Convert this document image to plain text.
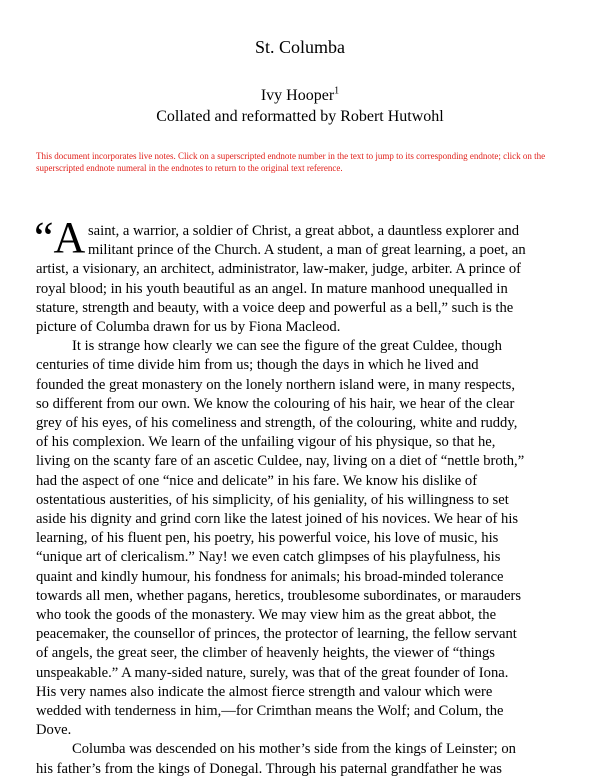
St. Columba
Ivy Hooper$^1$
Collated and reformatted by Robert Hutwohl
This document incorporates live notes. Click on a superscripted endnote number in the text to jump to its corresponding endnote; click on the superscripted endnote numeral in the endnotes to return to the original text reference.

“A saint, a warrior, a soldier of Christ, a great abbot, a dauntless explorer and
militant prince of the Church. A student, a man of great learning, a poet, an
artist, a visionary, an architect, administrator, law-maker, judge, arbiter. A prince of
royal blood; in his youth beautiful as an angel. In mature manhood unequalled in
stature, strength and beauty, with a voice deep and powerful as a bell,” such is the
picture of Columba drawn for us by Fiona Macleod.

It is strange how clearly we can see the figure of the great Culdee, though
centuries of time divide him from us; though the days in which he lived and
founded the great monastery on the lonely northern island were, in many respects,
so different from our own. We know the colouring of his hair, we hear of the clear
grey of his eyes, of his comeliness and strength, of the colouring, white and ruddy,
of his complexion. We learn of the unfailing vigour of his physique, so that he,
living on the scanty fare of an ascetic Culdee, nay, living on a diet of “nettle broth,”
had the aspect of one “nice and delicate” in his fare. We know his dislike of
ostentatious austerities, of his simplicity, of his geniality, of his willingness to set
aside his dignity and grind corn like the latest joined of his novices. We hear of his
learning, of his fluent pen, his poetry, his powerful voice, his love of music, his
“unique art of clericalism.” Nay! we even catch glimpses of his playfulness, his
quaint and kindly humour, his fondness for animals; his broad-minded tolerance
towards all men, whether pagans, heretics, troublesome subordinates, or marauders
who took the goods of the monastery. We may view him as the great abbot, the
peacemaker, the counsellor of princes, the protector of learning, the fellow servant
of angels, the great seer, the climber of heavenly heights, the viewer of “things
unspeakable.” A many-sided nature, surely, was that of the great founder of Iona.
His very names also indicate the almost fierce strength and valour which were
wedded with tenderness in him,—for Crimthan means the Wolf; and Colum, the
Dove.

Columba was descended on his mother’s side from the kings of Leinster; on
his father’s from the kings of Donegal. Through his paternal grandfather he was
